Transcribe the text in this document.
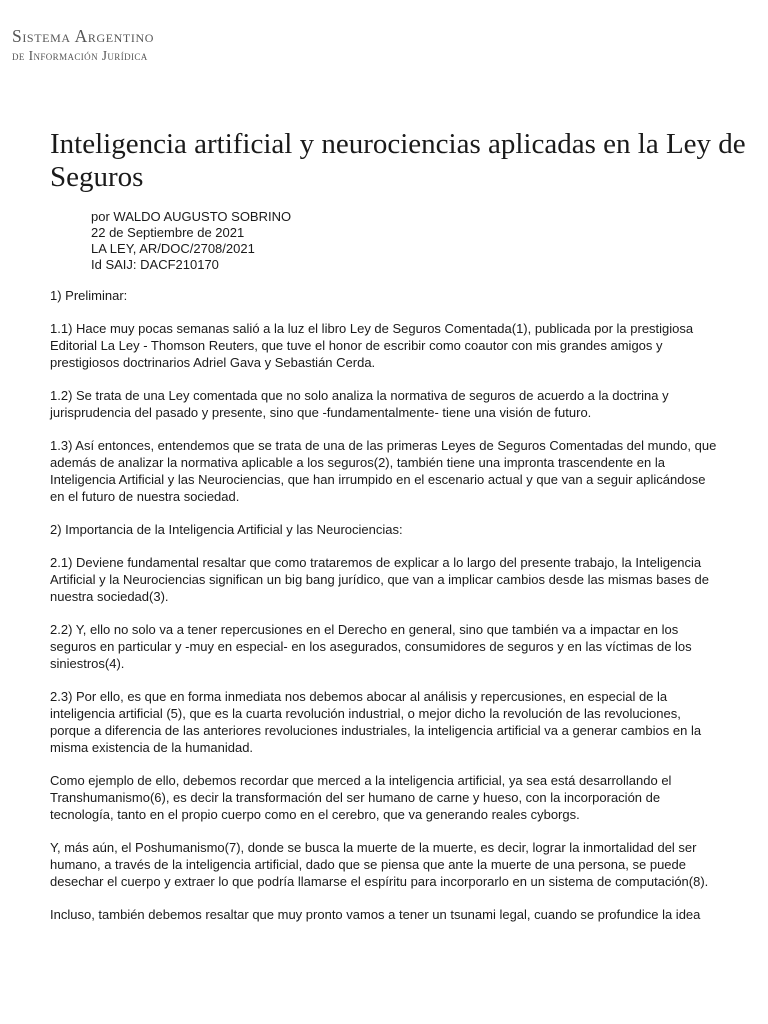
Sistema Argentino
de Información Jurídica
Inteligencia artificial y neurociencias aplicadas en la Ley de Seguros
por WALDO AUGUSTO SOBRINO
22 de Septiembre de 2021
LA LEY, AR/DOC/2708/2021
Id SAIJ: DACF210170

1) Preliminar:

1.1) Hace muy pocas semanas salió a la luz el libro Ley de Seguros Comentada(1), publicada por la prestigiosa Editorial La Ley - Thomson Reuters, que tuve el honor de escribir como coautor con mis grandes amigos y prestigiosos doctrinarios Adriel Gava y Sebastián Cerda.

1.2) Se trata de una Ley comentada que no solo analiza la normativa de seguros de acuerdo a la doctrina y jurisprudencia del pasado y presente, sino que -fundamentalmente- tiene una visión de futuro.

1.3) Así entonces, entendemos que se trata de una de las primeras Leyes de Seguros Comentadas del mundo, que además de analizar la normativa aplicable a los seguros(2), también tiene una impronta trascendente en la Inteligencia Artificial y las Neurociencias, que han irrumpido en el escenario actual y que van a seguir aplicándose en el futuro de nuestra sociedad.

2) Importancia de la Inteligencia Artificial y las Neurociencias:

2.1) Deviene fundamental resaltar que como trataremos de explicar a lo largo del presente trabajo, la Inteligencia Artificial y la Neurociencias significan un big bang jurídico, que van a implicar cambios desde las mismas bases de nuestra sociedad(3).

2.2) Y, ello no solo va a tener repercusiones en el Derecho en general, sino que también va a impactar en los seguros en particular y -muy en especial- en los asegurados, consumidores de seguros y en las víctimas de los siniestros(4).

2.3) Por ello, es que en forma inmediata nos debemos abocar al análisis y repercusiones, en especial de la inteligencia artificial (5), que es la cuarta revolución industrial, o mejor dicho la revolución de las revoluciones, porque a diferencia de las anteriores revoluciones industriales, la inteligencia artificial va a generar cambios en la misma existencia de la humanidad.

Como ejemplo de ello, debemos recordar que merced a la inteligencia artificial, ya sea está desarrollando el Transhumanismo(6), es decir la transformación del ser humano de carne y hueso, con la incorporación de tecnología, tanto en el propio cuerpo como en el cerebro, que va generando reales cyborgs.

Y, más aún, el Poshumanismo(7), donde se busca la muerte de la muerte, es decir, lograr la inmortalidad del ser humano, a través de la inteligencia artificial, dado que se piensa que ante la muerte de una persona, se puede desechar el cuerpo y extraer lo que podría llamarse el espíritu para incorporarlo en un sistema de computación(8).

Incluso, también debemos resaltar que muy pronto vamos a tener un tsunami legal, cuando se profundice la idea
